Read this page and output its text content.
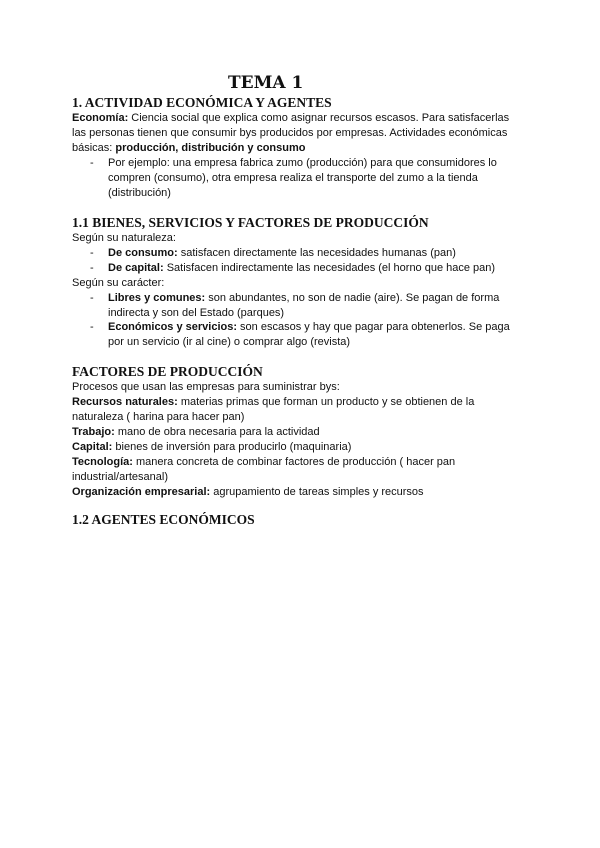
TEMA 1
1. ACTIVIDAD ECONÓMICA Y AGENTES
Economía: Ciencia social que explica como asignar recursos escasos. Para satisfacerlas
las personas tienen que consumir bys producidos por empresas. Actividades económicas
básicas: producción, distribución y consumo
- Por ejemplo: una empresa fabrica zumo (producción) para que consumidores lo
compren (consumo), otra empresa realiza el transporte del zumo a la tienda
(distribución)
1.1 BIENES, SERVICIOS Y FACTORES DE PRODUCCIÓN
Según su naturaleza:
- De consumo: satisfacen directamente las necesidades humanas (pan)
- De capital: Satisfacen indirectamente las necesidades (el horno que hace pan)
Según su carácter:
- Libres y comunes: son abundantes, no son de nadie (aire). Se pagan de forma
indirecta y son del Estado (parques)
- Económicos y servicios: son escasos y hay que pagar para obtenerlos. Se paga
por un servicio (ir al cine) o comprar algo (revista)
FACTORES DE PRODUCCIÓN
Procesos que usan las empresas para suministrar bys:
Recursos naturales: materias primas que forman un producto y se obtienen de la
naturaleza ( harina para hacer pan)
Trabajo: mano de obra necesaria para la actividad
Capital: bienes de inversión para producirlo (maquinaria)
Tecnología: manera concreta de combinar factores de producción ( hacer pan
industrial/artesanal)
Organización empresarial: agrupamiento de tareas simples y recursos
1.2 AGENTES ECONÓMICOS
